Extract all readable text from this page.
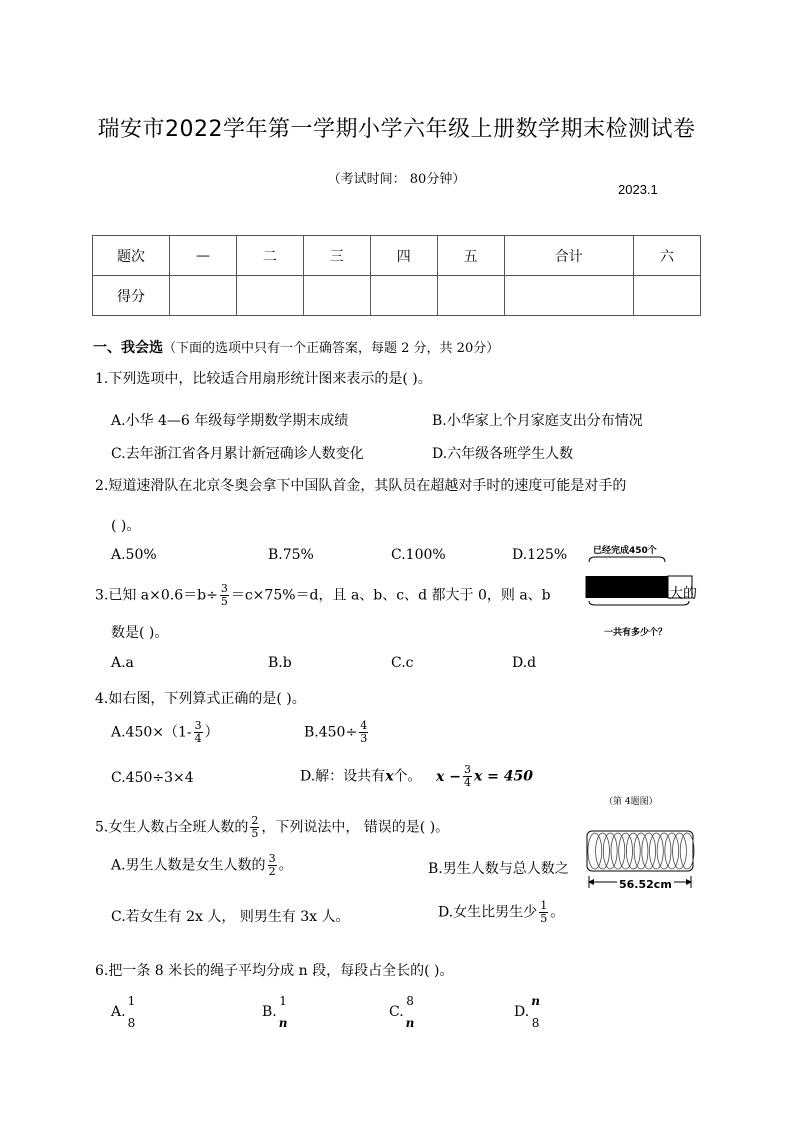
瑞安市2022学年第一学期小学六年级上册数学期末检测试卷
（考试时间： 80分钟）
2023.1
题次	—	二	三	四	五	合计	六
得分							
一、我会选（下面的选项中只有一个正确答案，每题 2 分，共 20分）
1.下列选项中，比较适合用扇形统计图来表示的是( )。
A.小华 4—6 年级每学期数学期末成绩	B.小华家上个月家庭支出分布情况
C.去年浙江省各月累计新冠确诊人数变化	D.六年级各班学生人数
2.短道速滑队在北京冬奥会拿下中国队首金，其队员在超越对手时的速度可能是对手的
( )。
A.50%	B.75%	C.100%	D.125%	已经完成450个
一共有多少个？
3.已知 $a\times 0.6=b\div \frac{3}{5} =c\times 75\%=d$，且 a、b、c、d 都大于 0，则 a、b	大的
数是( )。
A.a	B.b	C.c	D.d
4.如右图，下列算式正确的是( )。
$A.450\times(1- \frac{3}{4}$ ）	$B.450\div \frac{4}{3}$
C.450÷3×4	D.解：设共有x个。 $x - \frac{3}{4}$ x = 450
（第 4题图）
5.女生人数占全班人数的 $\frac{2}{5}$ ，下列说法中， 错误的是( )。
A.男生人数是女生人数的 $\frac{3}{2}$ 。	B.男生人数与总人数之
56.52cm
C.若女生有 2x 人， 则男生有 3x 人。	D.女生比男生少 $\frac{1}{5}$ 。
6.把一条 8 米长的绳子平均分成 n 段，每段占全长的( )。
A.
1
8
B.
1
n
C.
8
n
D.
n
8
